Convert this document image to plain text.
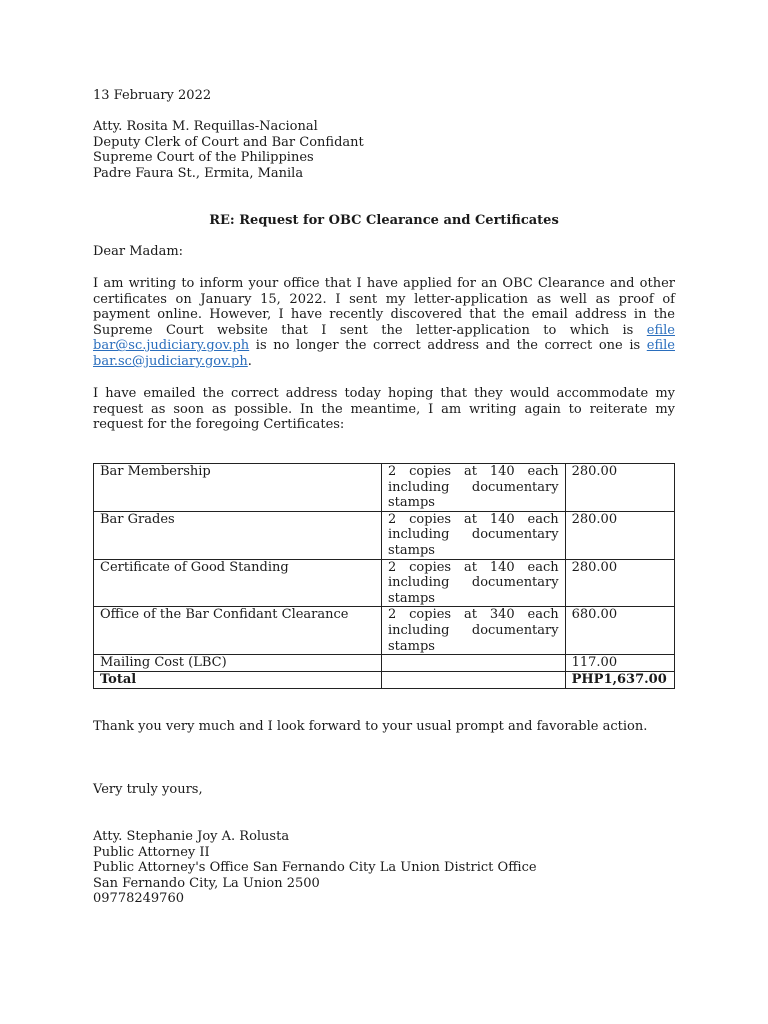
13 February 2022
Atty. Rosita M. Requillas-Nacional
Deputy Clerk of Court and Bar Confidant
Supreme Court of the Philippines
Padre Faura St., Ermita, Manila
RE: Request for OBC Clearance and Certificates
Dear Madam:
I am writing to inform your office that I have applied for an OBC Clearance and other certificates on January 15, 2022. I sent my letter-application as well as proof of payment online. However, I have recently discovered that the email address in the Supreme Court website that I sent the letter-application to which is efile bar@sc.judiciary.gov.ph is no longer the correct address and the correct one is efile bar.sc@judiciary.gov.ph.
I have emailed the correct address today hoping that they would accommodate my request as soon as possible. In the meantime, I am writing again to reiterate my request for the foregoing Certificates:
Bar Membership	2 copies at 140 each including documentary stamps	280.00
Bar Grades	2 copies at 140 each including documentary stamps	280.00
Certificate of Good Standing	2 copies at 140 each including documentary stamps	280.00
Office of the Bar Confidant Clearance	2 copies at 340 each including documentary stamps	680.00
Mailing Cost (LBC)		117.00
Total		PHP1,637.00
Thank you very much and I look forward to your usual prompt and favorable action.
Very truly yours,
Atty. Stephanie Joy A. Rolusta
Public Attorney II
Public Attorney's Office San Fernando City La Union District Office
San Fernando City, La Union 2500
09778249760
